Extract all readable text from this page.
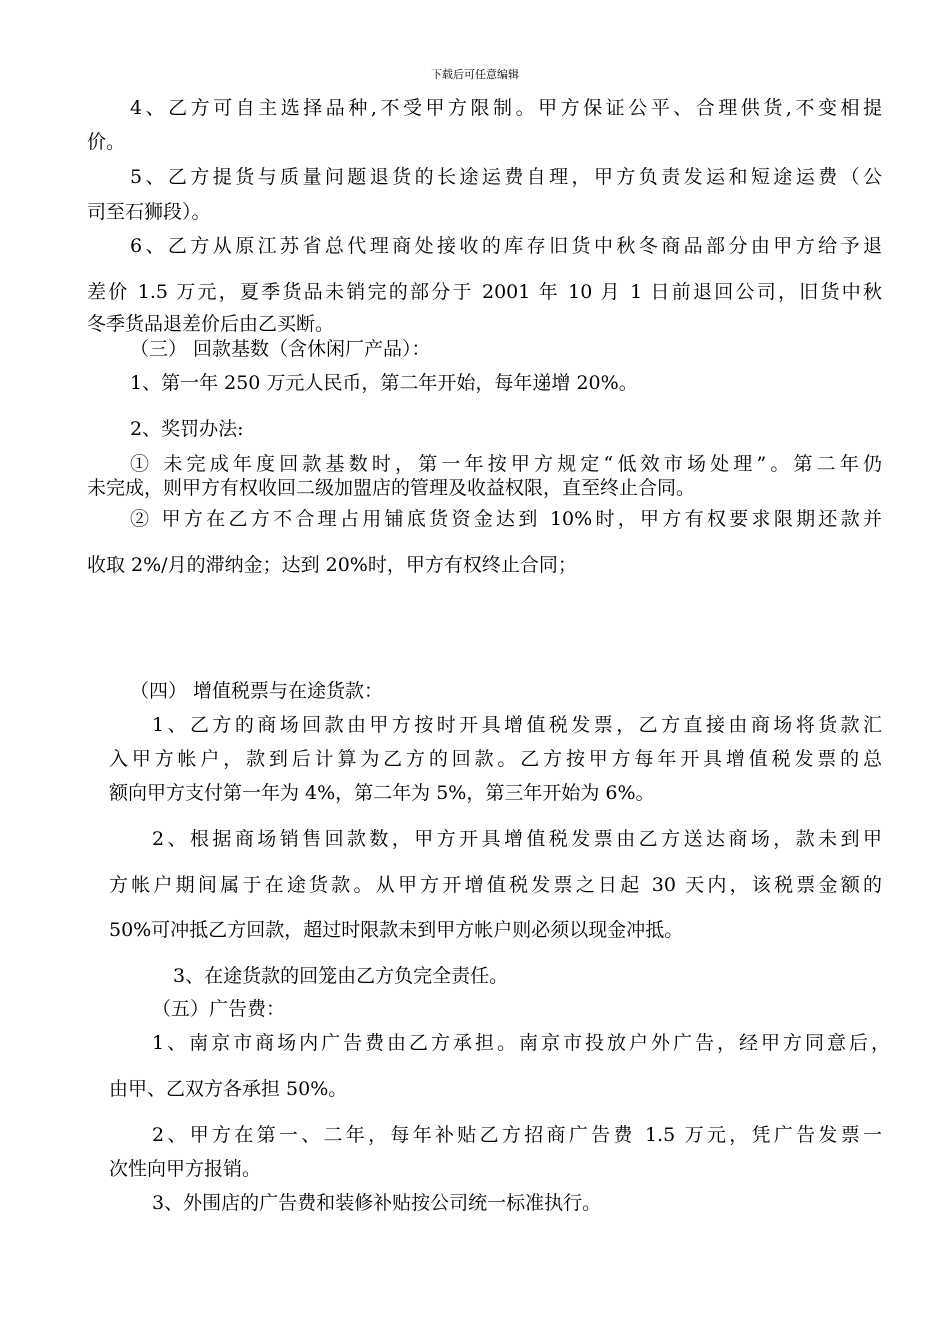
下载后可任意编辑
4、乙方可自主选择品种,不受甲方限制。甲方保证公平、合理供货,不变相提
价。
5、乙方提货与质量问题退货的长途运费自理，甲方负责发运和短途运费（公
司至石狮段）。
6、乙方从原江苏省总代理商处接收的库存旧货中秋冬商品部分由甲方给予退
差价 1.5 万元，夏季货品未销完的部分于 2001 年 10 月 1 日前退回公司，旧货中秋
冬季货品退差价后由乙买断。
（三） 回款基数（含休闲厂产品）：
1、第一年 250 万元人民币，第二年开始，每年递增 20%。
2、奖罚办法:
① 未完成年度回款基数时，第一年按甲方规定“低效市场处理”。第二年仍
未完成，则甲方有权收回二级加盟店的管理及收益权限，直至终止合同。
② 甲方在乙方不合理占用铺底货资金达到 10%时，甲方有权要求限期还款并
收取 2%/月的滞纳金；达到 20%时，甲方有权终止合同；
（四） 增值税票与在途货款：
1、乙方的商场回款由甲方按时开具增值税发票，乙方直接由商场将货款汇
入甲方帐户，款到后计算为乙方的回款。乙方按甲方每年开具增值税发票的总
额向甲方支付第一年为 4%，第二年为 5%，第三年开始为 6%。
2、根据商场销售回款数，甲方开具增值税发票由乙方送达商场，款未到甲
方帐户期间属于在途货款。从甲方开增值税发票之日起 30 天内，该税票金额的
50%可冲抵乙方回款，超过时限款未到甲方帐户则必须以现金冲抵。
3、在途货款的回笼由乙方负完全责任。
（五）广告费：
1、南京市商场内广告费由乙方承担。南京市投放户外广告，经甲方同意后，
由甲、乙双方各承担 50%。
2、甲方在第一、二年，每年补贴乙方招商广告费 1.5 万元，凭广告发票一
次性向甲方报销。
3、外围店的广告费和装修补贴按公司统一标准执行。
